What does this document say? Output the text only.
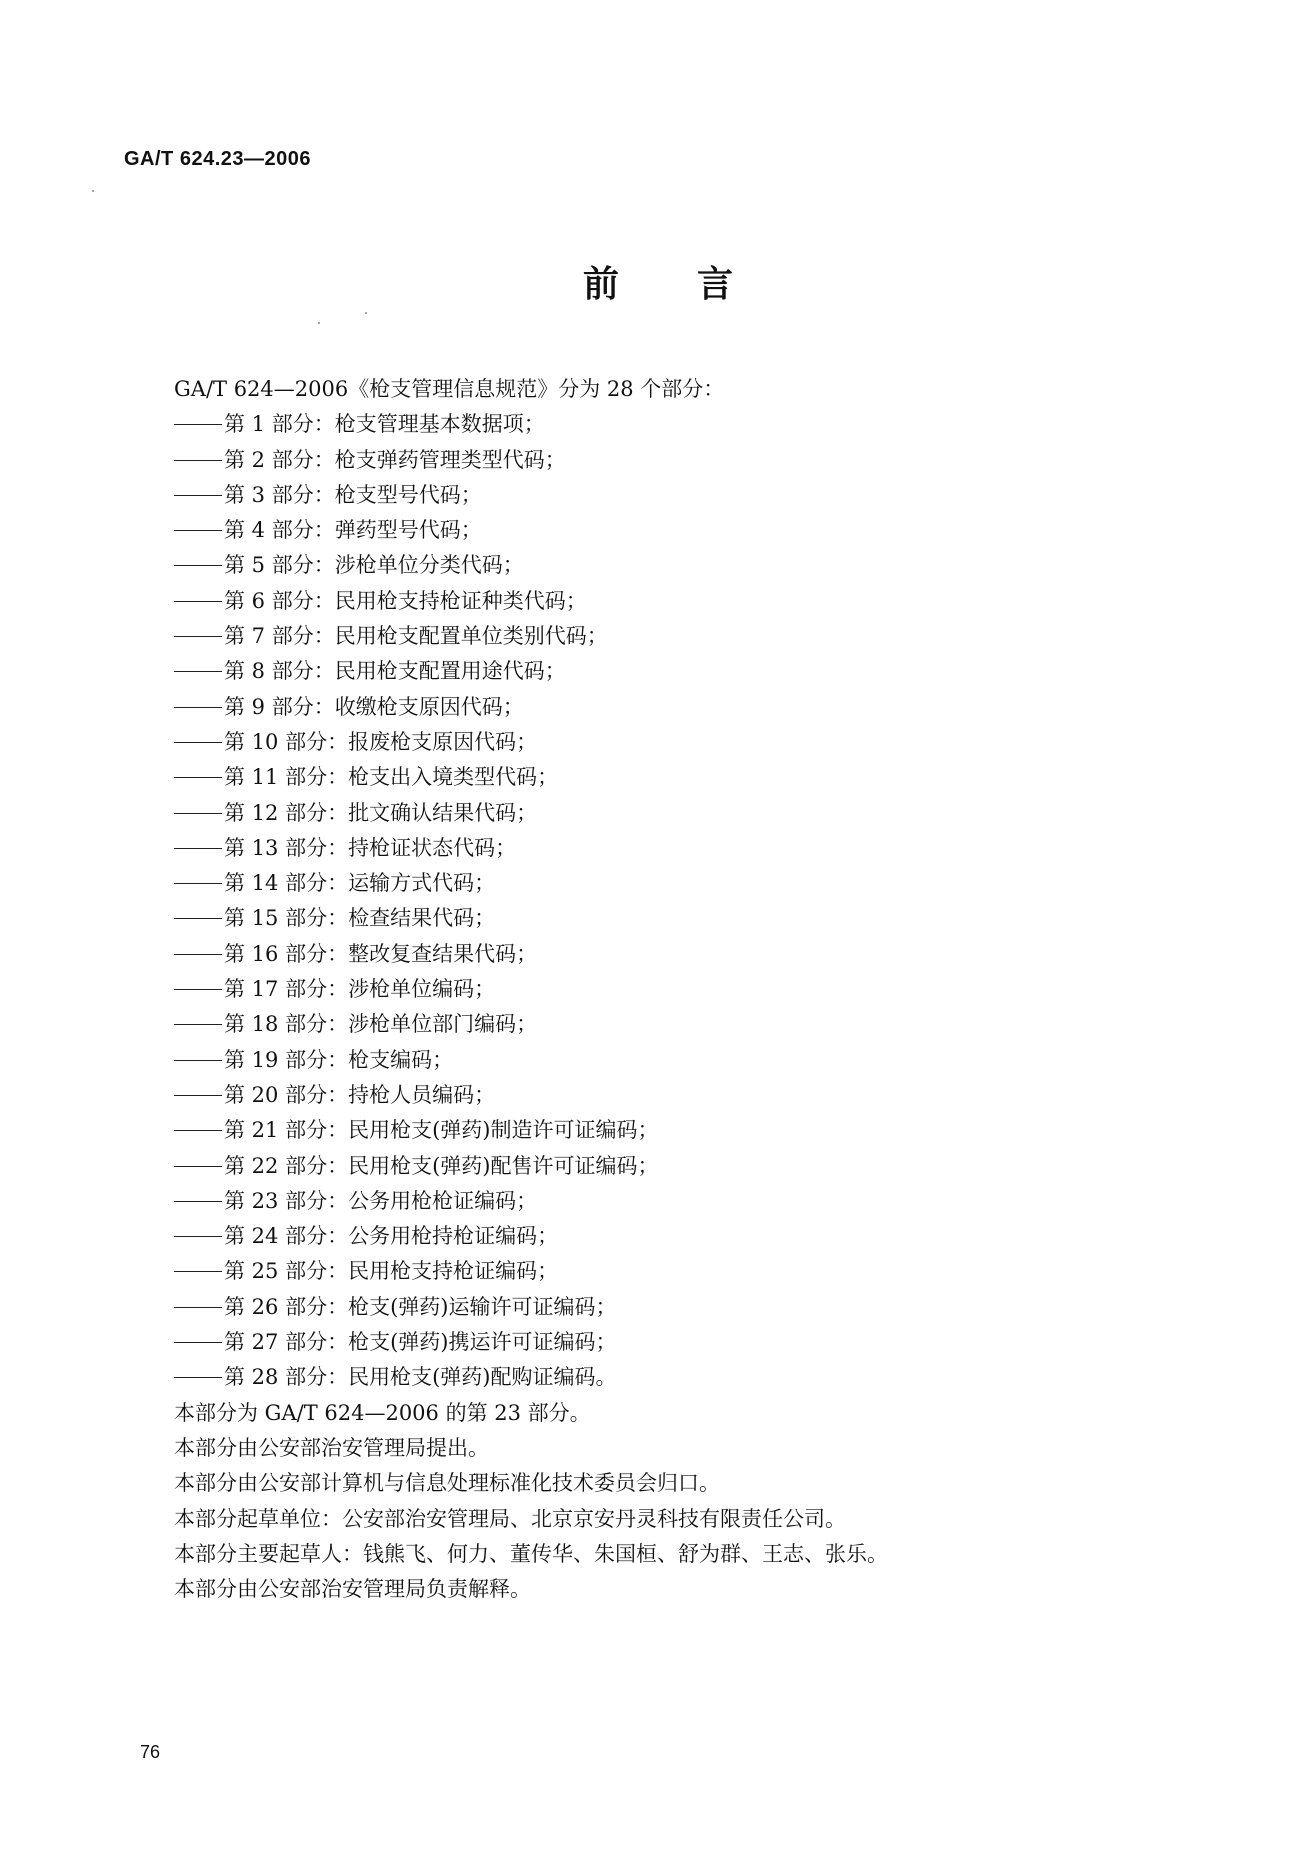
GA/T 624.23—2006
前 言
GA/T 624—2006《枪支管理信息规范》分为 28 个部分：
第 1 部分：枪支管理基本数据项；
第 2 部分：枪支弹药管理类型代码；
第 3 部分：枪支型号代码；
第 4 部分：弹药型号代码；
第 5 部分：涉枪单位分类代码；
第 6 部分：民用枪支持枪证种类代码；
第 7 部分：民用枪支配置单位类别代码；
第 8 部分：民用枪支配置用途代码；
第 9 部分：收缴枪支原因代码；
第 10 部分：报废枪支原因代码；
第 11 部分：枪支出入境类型代码；
第 12 部分：批文确认结果代码；
第 13 部分：持枪证状态代码；
第 14 部分：运输方式代码；
第 15 部分：检查结果代码；
第 16 部分：整改复查结果代码；
第 17 部分：涉枪单位编码；
第 18 部分：涉枪单位部门编码；
第 19 部分：枪支编码；
第 20 部分：持枪人员编码；
第 21 部分：民用枪支(弹药)制造许可证编码；
第 22 部分：民用枪支(弹药)配售许可证编码；
第 23 部分：公务用枪枪证编码；
第 24 部分：公务用枪持枪证编码；
第 25 部分：民用枪支持枪证编码；
第 26 部分：枪支(弹药)运输许可证编码；
第 27 部分：枪支(弹药)携运许可证编码；
第 28 部分：民用枪支(弹药)配购证编码。
本部分为 GA/T 624—2006 的第 23 部分。
本部分由公安部治安管理局提出。
本部分由公安部计算机与信息处理标准化技术委员会归口。
本部分起草单位：公安部治安管理局、北京京安丹灵科技有限责任公司。
本部分主要起草人：钱熊飞、何力、董传华、朱国桓、舒为群、王志、张乐。
本部分由公安部治安管理局负责解释。
76
